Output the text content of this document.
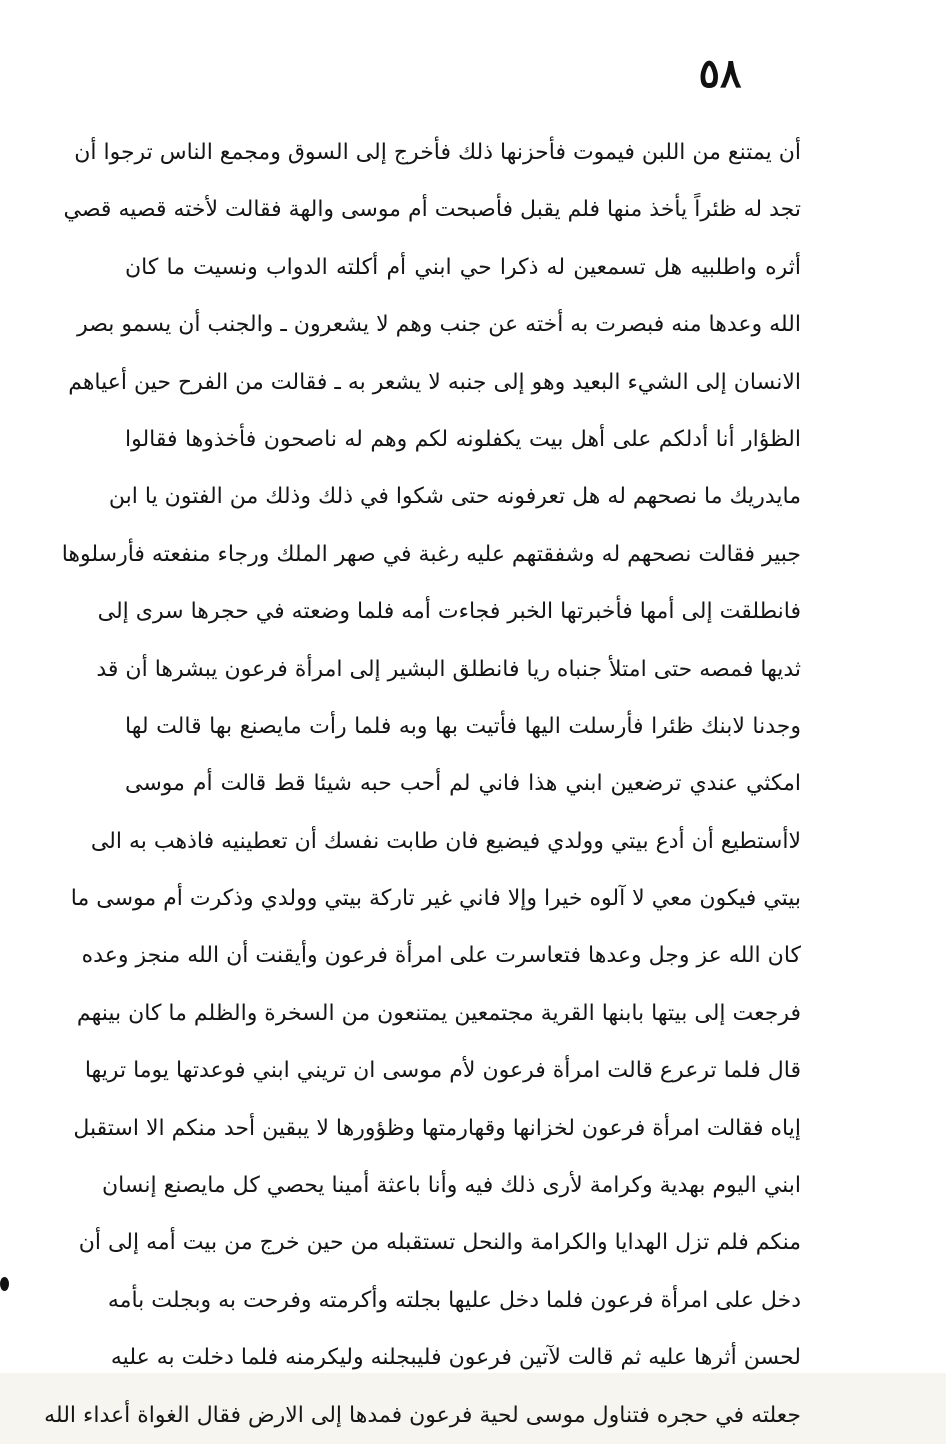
٥٨
أن يمتنع من اللبن فيموت فأحزنها ذلك فأخرج إلى السوق ومجمع الناس ترجوا أن
تجد له ظئراً يأخذ منها فلم يقبل فأصبحت أم موسى والهة فقالت لأخته قصيه قصي
أثره واطلبيه هل تسمعين له ذكرا حي ابني أم أكلته الدواب ونسيت ما كان
الله وعدها منه فبصرت به أخته عن جنب وهم لا يشعرون ـ والجنب أن يسمو بصر
الانسان إلى الشيء البعيد وهو إلى جنبه لا يشعر به ـ فقالت من الفرح حين أعياهم
الظؤار أنا أدلكم على أهل بيت يكفلونه لكم وهم له ناصحون فأخذوها فقالوا
مايدريك ما نصحهم له هل تعرفونه حتى شكوا في ذلك وذلك من الفتون يا ابن
جبير فقالت نصحهم له وشفقتهم عليه رغبة في صهر الملك ورجاء منفعته فأرسلوها
فانطلقت إلى أمها فأخبرتها الخبر فجاءت أمه فلما وضعته في حجرها سرى إلى
ثديها فمصه حتى امتلأ جنباه ريا فانطلق البشير إلى امرأة فرعون يبشرها أن قد
وجدنا لابنك ظئرا فأرسلت اليها فأتيت بها وبه فلما رأت مايصنع بها قالت لها
امكثي عندي ترضعين ابني هذا فاني لم أحب حبه شيئا قط قالت أم موسى
لاأستطيع أن أدع بيتي وولدي فيضيع فان طابت نفسك أن تعطينيه فاذهب به الى
بيتي فيكون معي لا آلوه خيرا وإلا فاني غير تاركة بيتي وولدي وذكرت أم موسى ما
كان الله عز وجل وعدها فتعاسرت على امرأة فرعون وأيقنت أن الله منجز وعده
فرجعت إلى بيتها بابنها القرية مجتمعين يمتنعون من السخرة والظلم ما كان بينهم
قال فلما ترعرع قالت امرأة فرعون لأم موسى ان تريني ابني فوعدتها يوما تريها
إياه فقالت امرأة فرعون لخزانها وقهارمتها وظؤورها لا يبقين أحد منكم الا استقبل
ابني اليوم بهدية وكرامة لأرى ذلك فيه وأنا باعثة أمينا يحصي كل مايصنع إنسان
منكم فلم تزل الهدايا والكرامة والنحل تستقبله من حين خرج من بيت أمه إلى أن
دخل على امرأة فرعون فلما دخل عليها بجلته وأكرمته وفرحت به وبجلت بأمه
لحسن أثرها عليه ثم قالت لآتين فرعون فليبجلنه وليكرمنه فلما دخلت به عليه
جعلته في حجره فتناول موسى لحية فرعون فمدها إلى الارض فقال الغواة أعداء الله
